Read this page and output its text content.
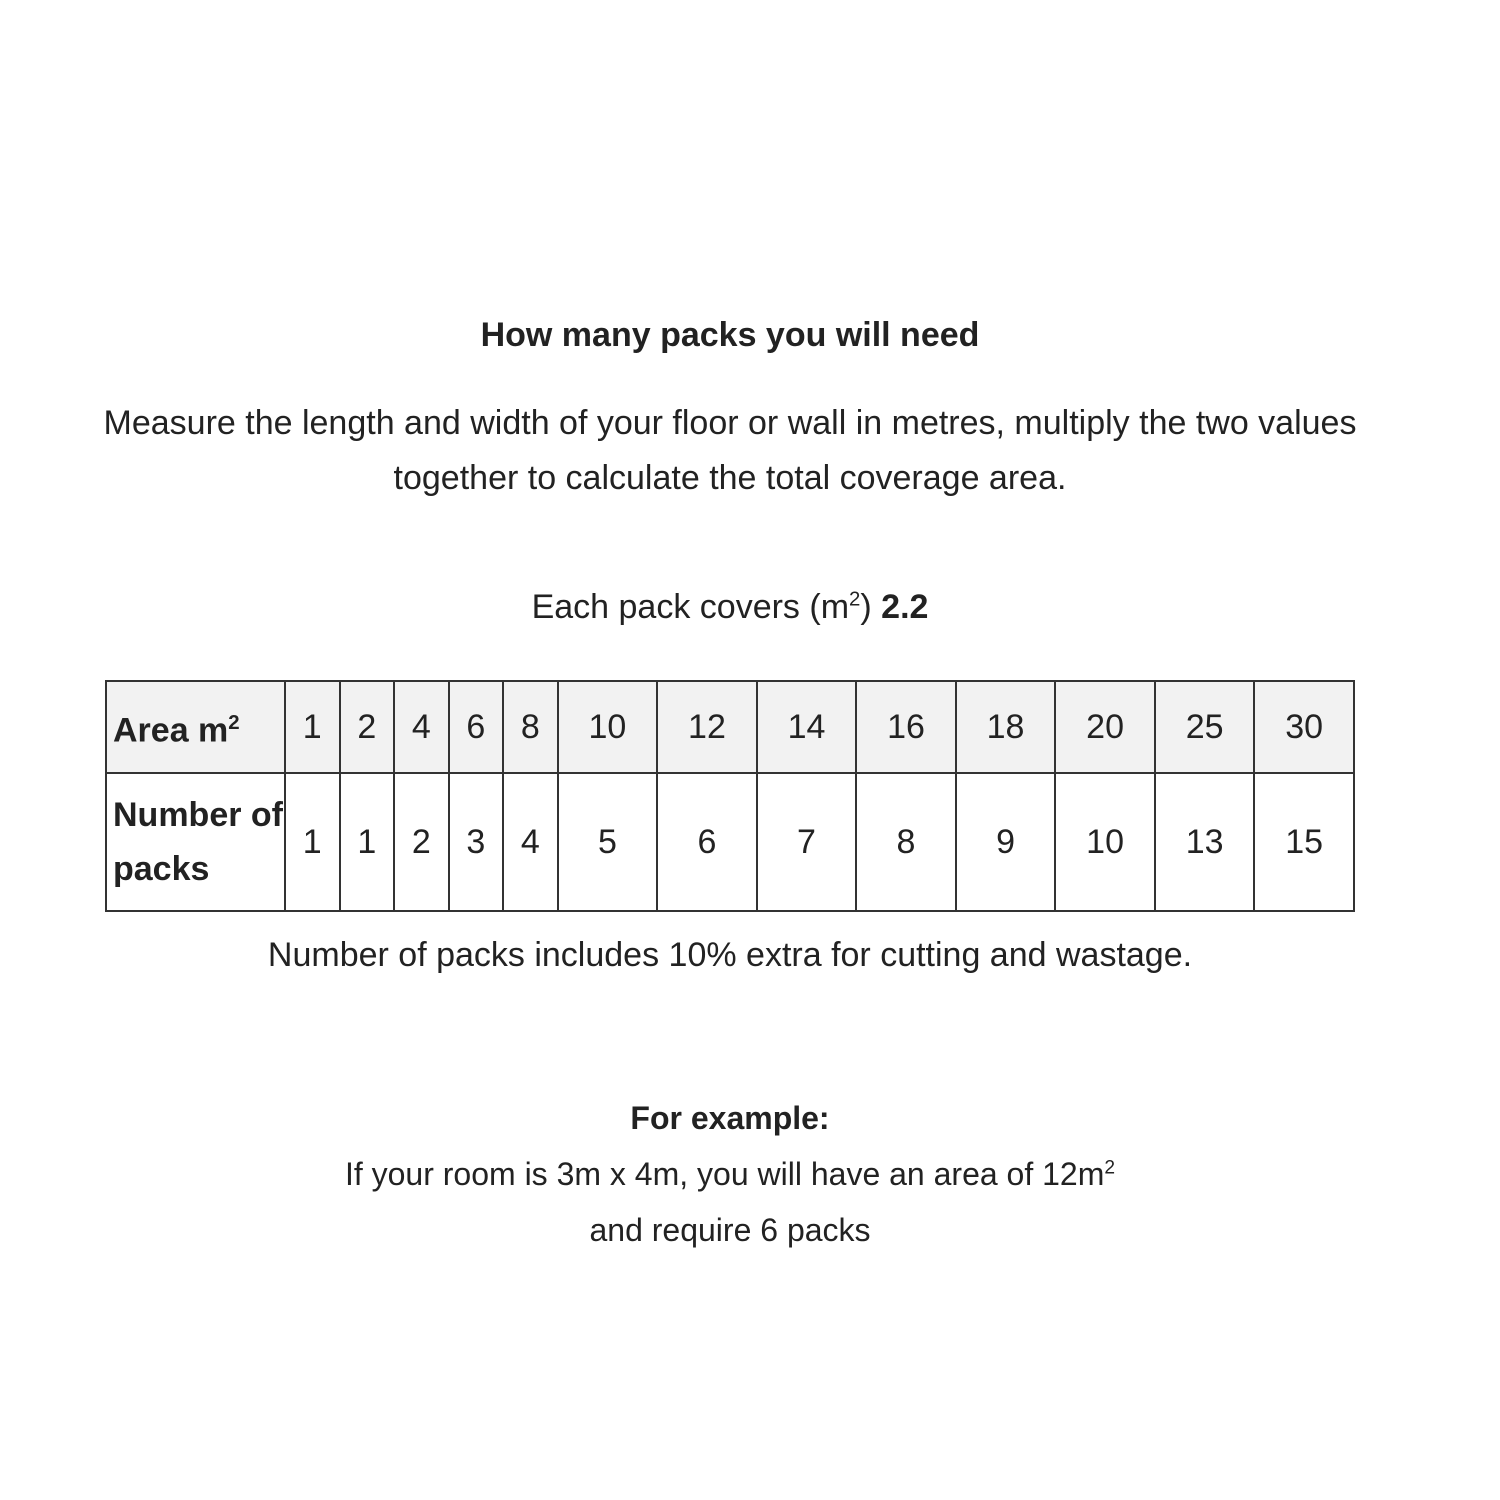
How many packs you will need
Measure the length and width of your floor or wall in metres, multiply the two values together to calculate the total coverage area.
Each pack covers $(m^2)$ 2.2
Area $m^2$	1	2	4	6	8	10	12	14	16	18	20	25	30
Number of packs	1	1	2	3	4	5	6	7	8	9	10	13	15
Number of packs includes 10% extra for cutting and wastage.
For example:
If your room is 3m x 4m, you will have an area of $12m^2$
and require 6 packs
